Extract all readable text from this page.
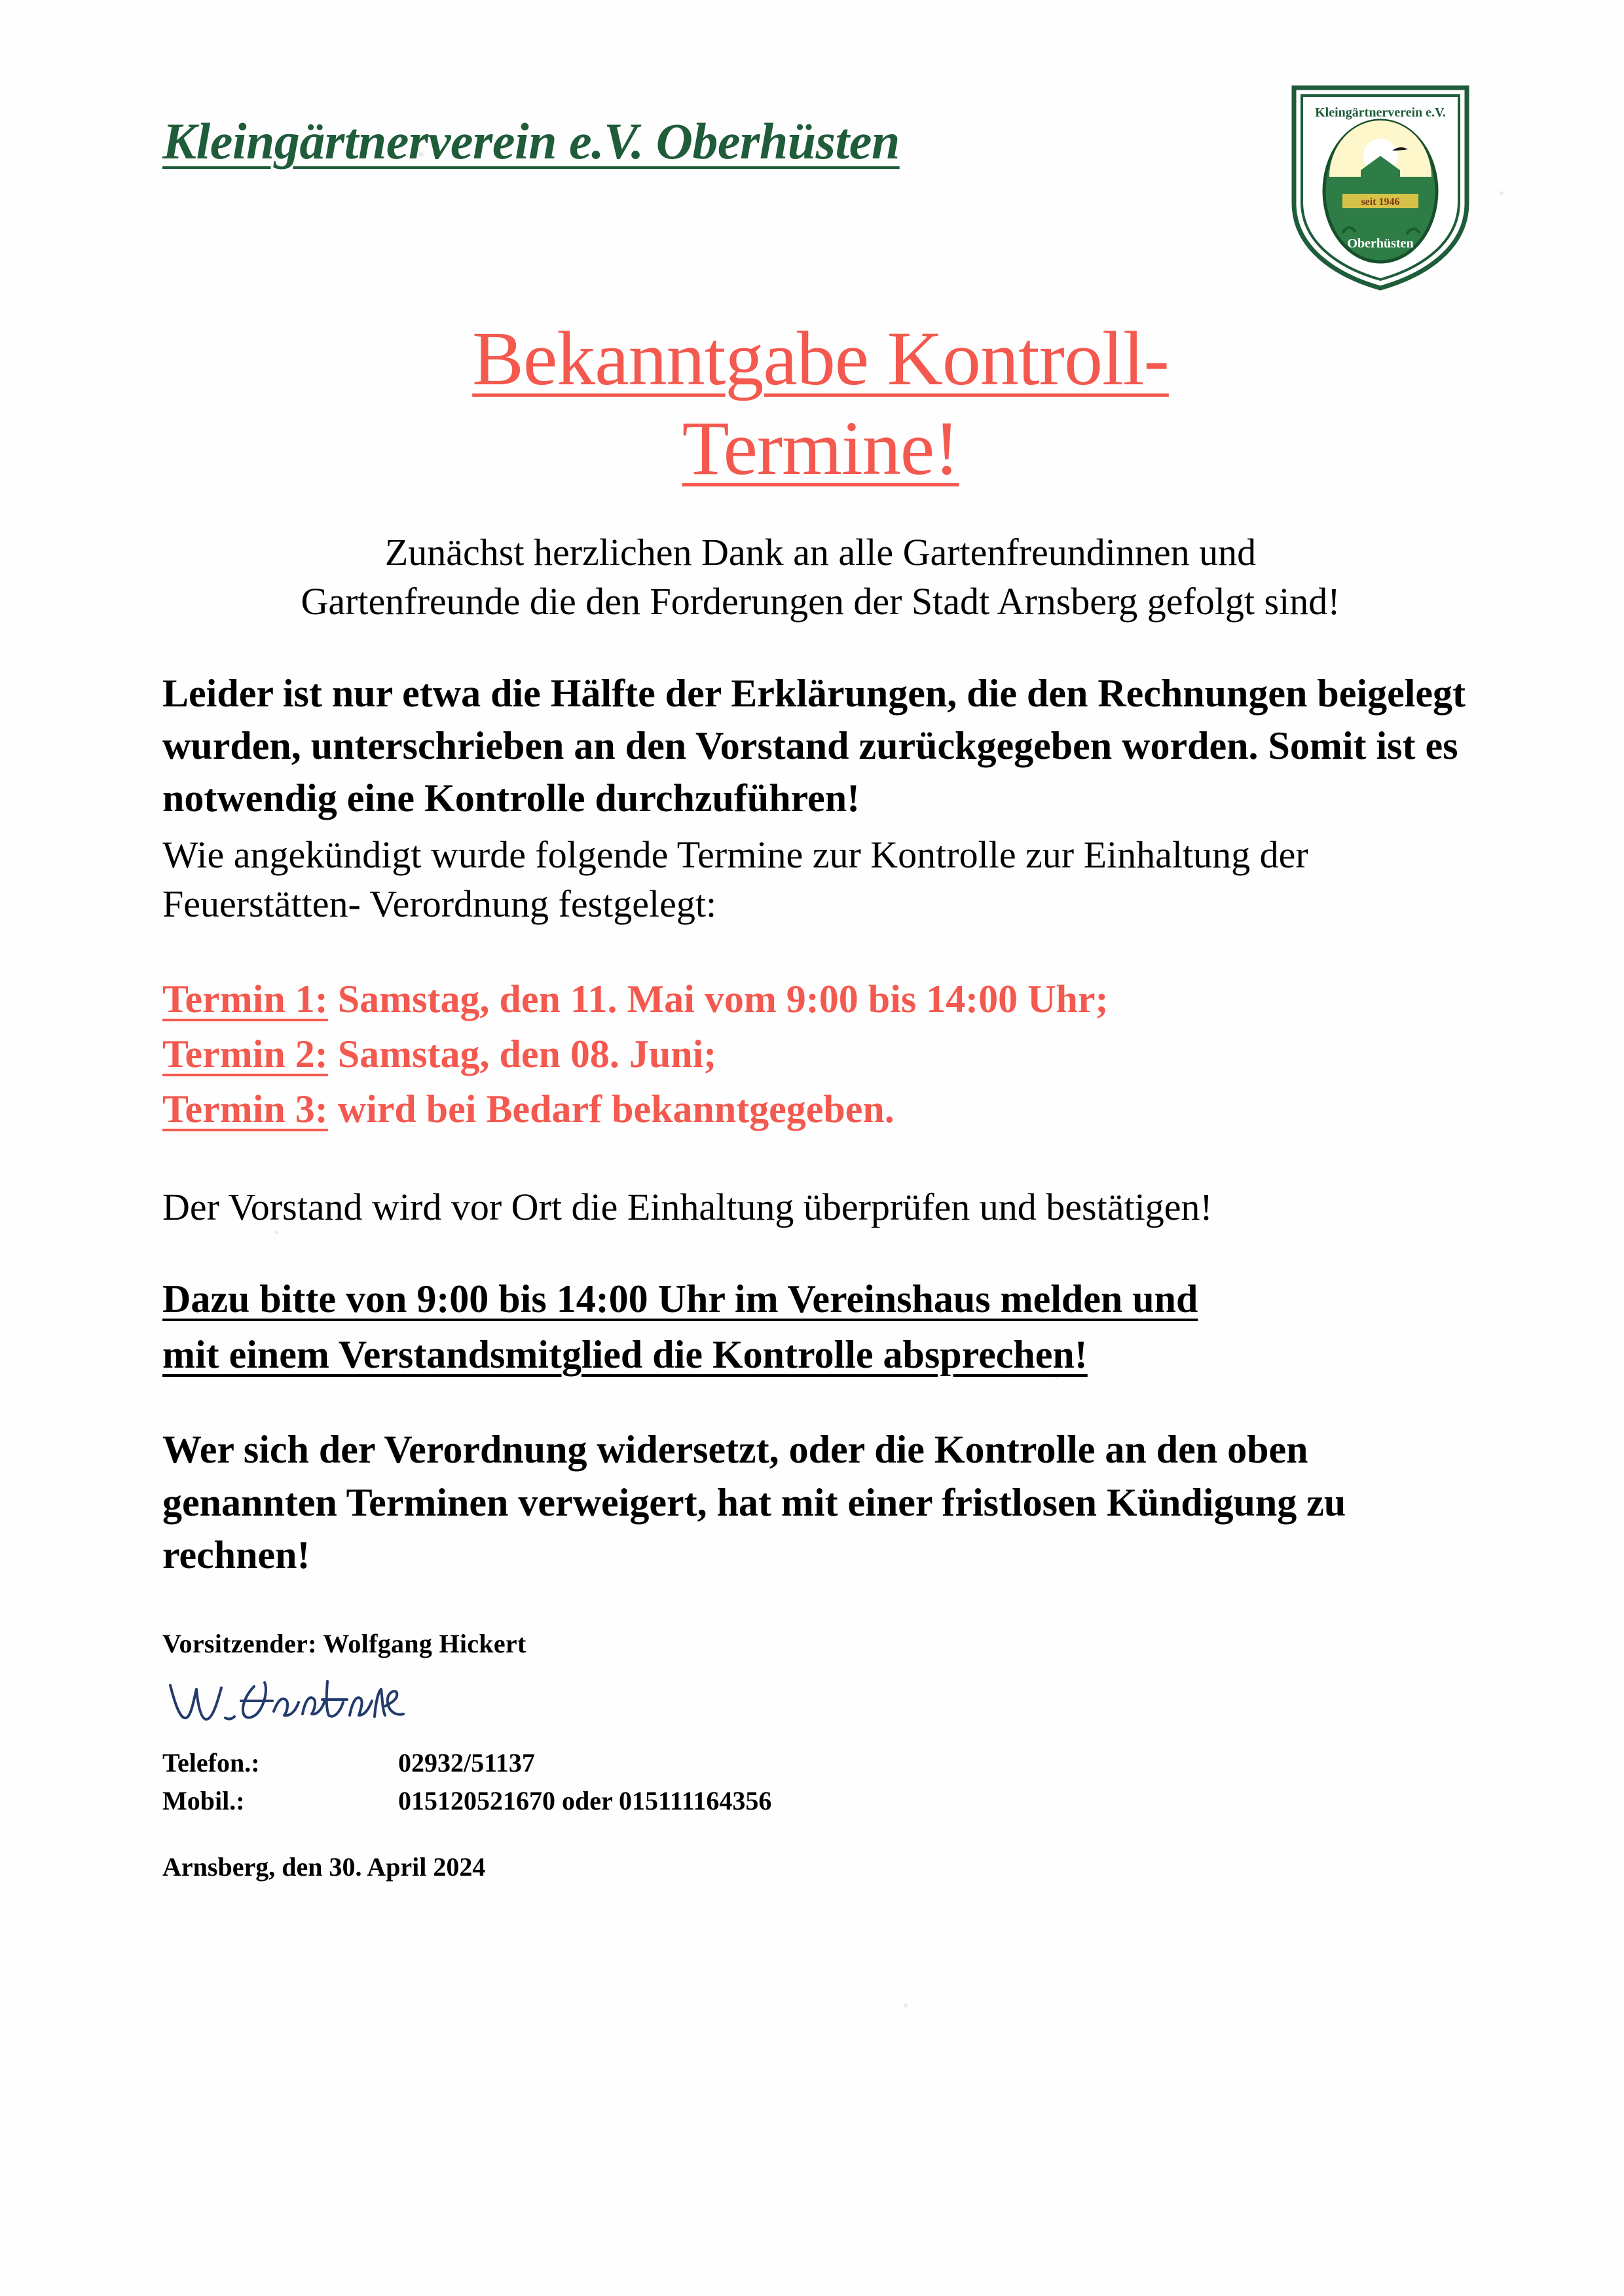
Kleingärtnerverein e.V. Oberhüsten	Kleingärtnerverein e.V.
seit 1946
Oberhüsten
Bekanntgabe Kontroll-
Termine!
Zunächst herzlichen Dank an alle Gartenfreundinnen und
Gartenfreunde die den Forderungen der Stadt Arnsberg gefolgt sind!
Leider ist nur etwa die Hälfte der Erklärungen, die den Rechnungen beigelegt wurden, unterschrieben an den Vorstand zurückgegeben worden. Somit ist es notwendig eine Kontrolle durchzuführen!
Wie angekündigt wurde folgende Termine zur Kontrolle zur Einhaltung der Feuerstätten- Verordnung festgelegt:
Termin 1: Samstag, den 11. Mai vom 9:00 bis 14:00 Uhr;
Termin 2: Samstag, den 08. Juni;
Termin 3: wird bei Bedarf bekanntgegeben.
Der Vorstand wird vor Ort die Einhaltung überprüfen und bestätigen!
Dazu bitte von 9:00 bis 14:00 Uhr im Vereinshaus melden und
mit einem Verstandsmitglied die Kontrolle absprechen!
Wer sich der Verordnung widersetzt, oder die Kontrolle an den oben genannten Terminen verweigert, hat mit einer fristlosen Kündigung zu rechnen!
Vorsitzender: Wolfgang Hickert
Telefon.:	02932/51137
Mobil.:	015120521670 oder 015111164356
Arnsberg, den 30. April 2024
